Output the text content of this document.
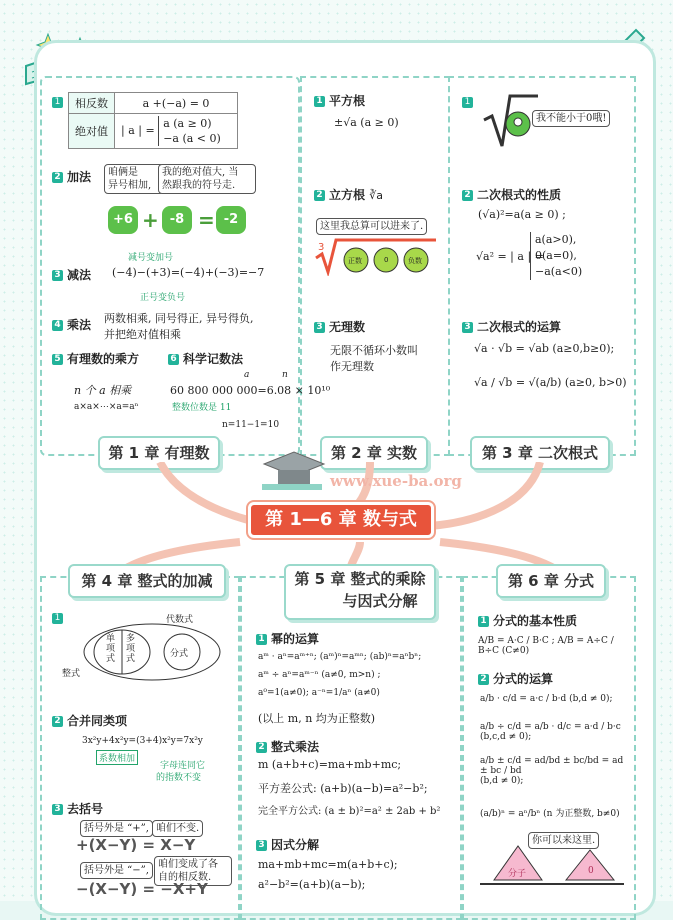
1	相反数	a +(−a) = 0
绝对值	| a | = a (a ≥ 0)
−a (a < 0)
2 加法	咱俩是
异号相加,
我的绝对值大, 当
然跟我的符号走.
+6 + -8 = -2
3 减法
减号变加号
(−4)−(+3)=(−4)+(−3)=−7
正号变负号
4 乘法 两数相乘, 同号得正, 异号得负,
并把绝对值相乘
5 有理数的乘方	6 科学记数法
n 个 a 相乘
a×a×⋯×a=aⁿ
a	n
60 800 000 000=6.08 × 10¹⁰
整数位数是 11
n=11−1=10
1 平方根
±√a (a ≥ 0)
2 立方根 ∛a
这里我总算可以进来了.
3
正数	0	负数
3 无理数
无限不循环小数叫
作无理数
1
我不能小于0哦!
2 二次根式的性质
(√a)²=a(a ≥ 0) ;
√a² = | a | =
a(a>0),
0(a=0),
−a(a<0)
3 二次根式的运算
√a · √b = √ab (a≥0,b≥0);
√a / √b = √(a/b) (a≥0, b>0)
第 1 章 有理数	第 2 章 实数	第 3 章 二次根式
www.xue-ba.org
第 1—6 章 数与式
第 4 章 整式的加减	第 5 章 整式的乘除
与因式分解
第 6 章 分式
1	代数式
整式
单项式
多项式	分式
2 合并同类项
3x²y+4x²y=(3+4)x²y=7x²y
系数相加
字母连同它
的指数不变
3 去括号
括号外是 “+”, 咱们不变.
+(X−Y) = X−Y
括号外是 “−”,
咱们变成了各
自的相反数.
−(X−Y) = −X+Y
1 幂的运算
aᵐ · aⁿ=aᵐ⁺ⁿ; (aᵐ)ⁿ=aᵐⁿ; (ab)ⁿ=aⁿbⁿ;
aᵐ ÷ aⁿ=aᵐ⁻ⁿ (a≠0, m>n) ;
a⁰=1(a≠0); a⁻ⁿ=1/aⁿ (a≠0)
(以上 m, n 均为正整数)
2 整式乘法
m (a+b+c)=ma+mb+mc;
平方差公式: (a+b)(a−b)=a²−b²;
完全平方公式: (a ± b)²=a² ± 2ab + b²
3 因式分解
ma+mb+mc=m(a+b+c);
a²−b²=(a+b)(a−b);
1 分式的基本性质
A/B = A·C / B·C ; A/B = A÷C / B÷C (C≠0)
2 分式的运算
a/b · c/d = a·c / b·d (b,d ≠ 0);
a/b ÷ c/d = a/b · d/c = a·d / b·c (b,c,d ≠ 0);
a/b ± c/d = ad/bd ± bc/bd = ad ± bc / bd
(b,d ≠ 0);
(a/b)ⁿ = aⁿ/bⁿ (n 为正整数, b≠0)
你可以来这里.
分子	0
